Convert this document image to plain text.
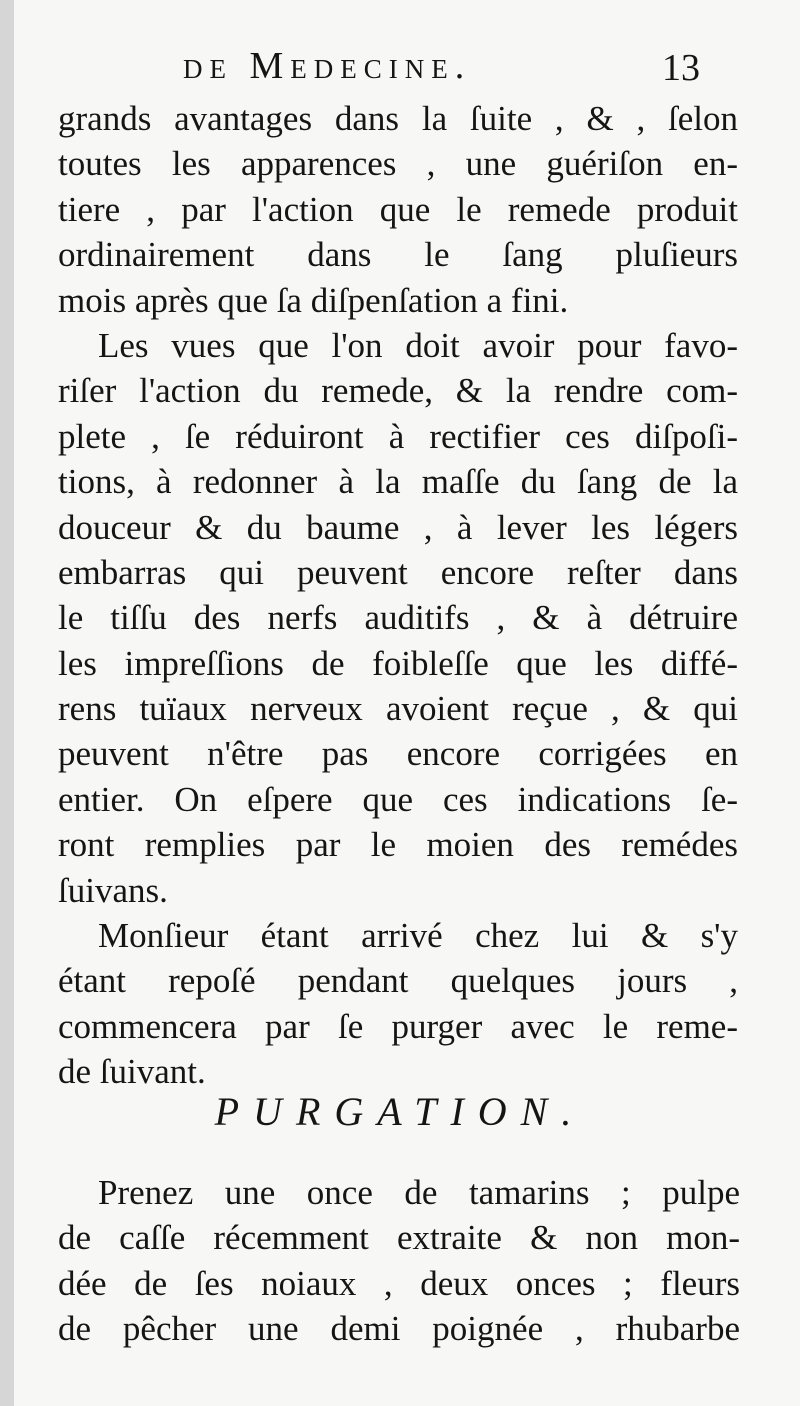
de Medecine.	13
grands avantages dans la ſuite , & , ſelon
toutes les apparences , une guériſon en-
tiere , par l'action que le remede produit
ordinairement dans le ſang pluſieurs
mois après que ſa diſpenſation a fini.
Les vues que l'on doit avoir pour favo-
riſer l'action du remede, & la rendre com-
plete , ſe réduiront à rectifier ces diſpoſi-
tions, à redonner à la maſſe du ſang de la
douceur & du baume , à lever les légers
embarras qui peuvent encore reſter dans
le tiſſu des nerfs auditifs , & à détruire
les impreſſions de foibleſſe que les diffé-
rens tuïaux nerveux avoient reçue , & qui
peuvent n'être pas encore corrigées en
entier. On eſpere que ces indications ſe-
ront remplies par le moien des remédes
ſuivans.
Monſieur étant arrivé chez lui & s'y
étant repoſé pendant quelques jours ,
commencera par ſe purger avec le reme-
de ſuivant.
PURGATION.
Prenez une once de tamarins ; pulpe
de caſſe récemment extraite & non mon-
dée de ſes noiaux , deux onces ; fleurs
de pêcher une demi poignée , rhubarbe
